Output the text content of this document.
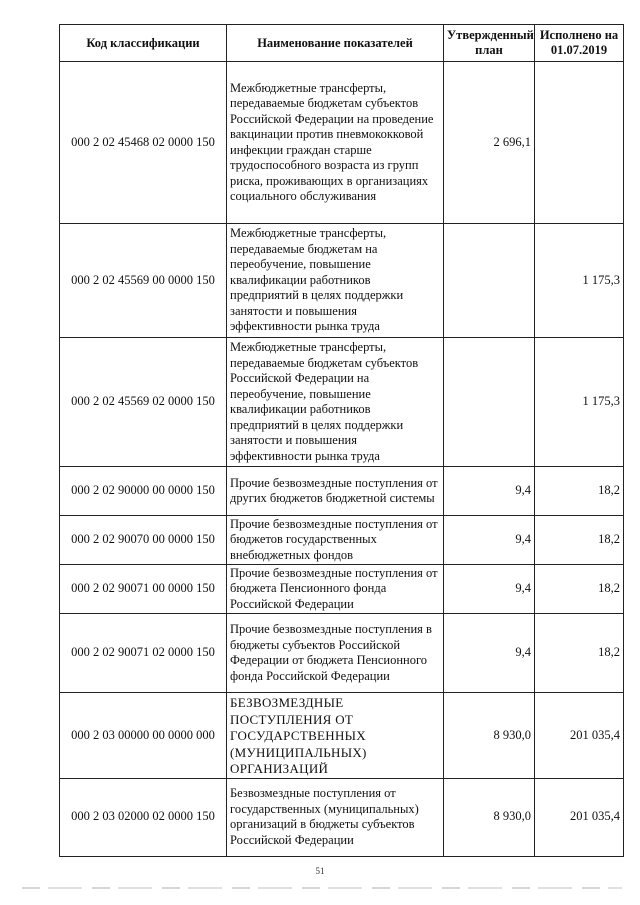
Код классификации	Наименование показателей	Утвержденный план	Исполнено на 01.07.2019
000 2 02 45468 02 0000 150	Межбюджетные трансферты, передаваемые бюджетам субъектов Российской Федерации на проведение вакцинации против пневмококковой инфекции граждан старше трудоспособного возраста из групп риска, проживающих в организациях социального обслуживания	2 696,1	
000 2 02 45569 00 0000 150	Межбюджетные трансферты, передаваемые бюджетам на переобучение, повышение квалификации работников предприятий в целях поддержки занятости и повышения эффективности рынка труда		1 175,3
000 2 02 45569 02 0000 150	Межбюджетные трансферты, передаваемые бюджетам субъектов Российской Федерации на переобучение, повышение квалификации работников предприятий в целях поддержки занятости и повышения эффективности рынка труда		1 175,3
000 2 02 90000 00 0000 150	Прочие безвозмездные поступления от других бюджетов бюджетной системы	9,4	18,2
000 2 02 90070 00 0000 150	Прочие безвозмездные поступления от бюджетов государственных внебюджетных фондов	9,4	18,2
000 2 02 90071 00 0000 150	Прочие безвозмездные поступления от бюджета Пенсионного фонда Российской Федерации	9,4	18,2
000 2 02 90071 02 0000 150	Прочие безвозмездные поступления в бюджеты субъектов Российской Федерации от бюджета Пенсионного фонда Российской Федерации	9,4	18,2
000 2 03 00000 00 0000 000	БЕЗВОЗМЕЗДНЫЕ ПОСТУПЛЕНИЯ ОТ ГОСУДАРСТВЕННЫХ (МУНИЦИПАЛЬНЫХ) ОРГАНИЗАЦИЙ	8 930,0	201 035,4
000 2 03 02000 02 0000 150	Безвозмездные поступления от государственных (муниципальных) организаций в бюджеты субъектов Российской Федерации	8 930,0	201 035,4
51
